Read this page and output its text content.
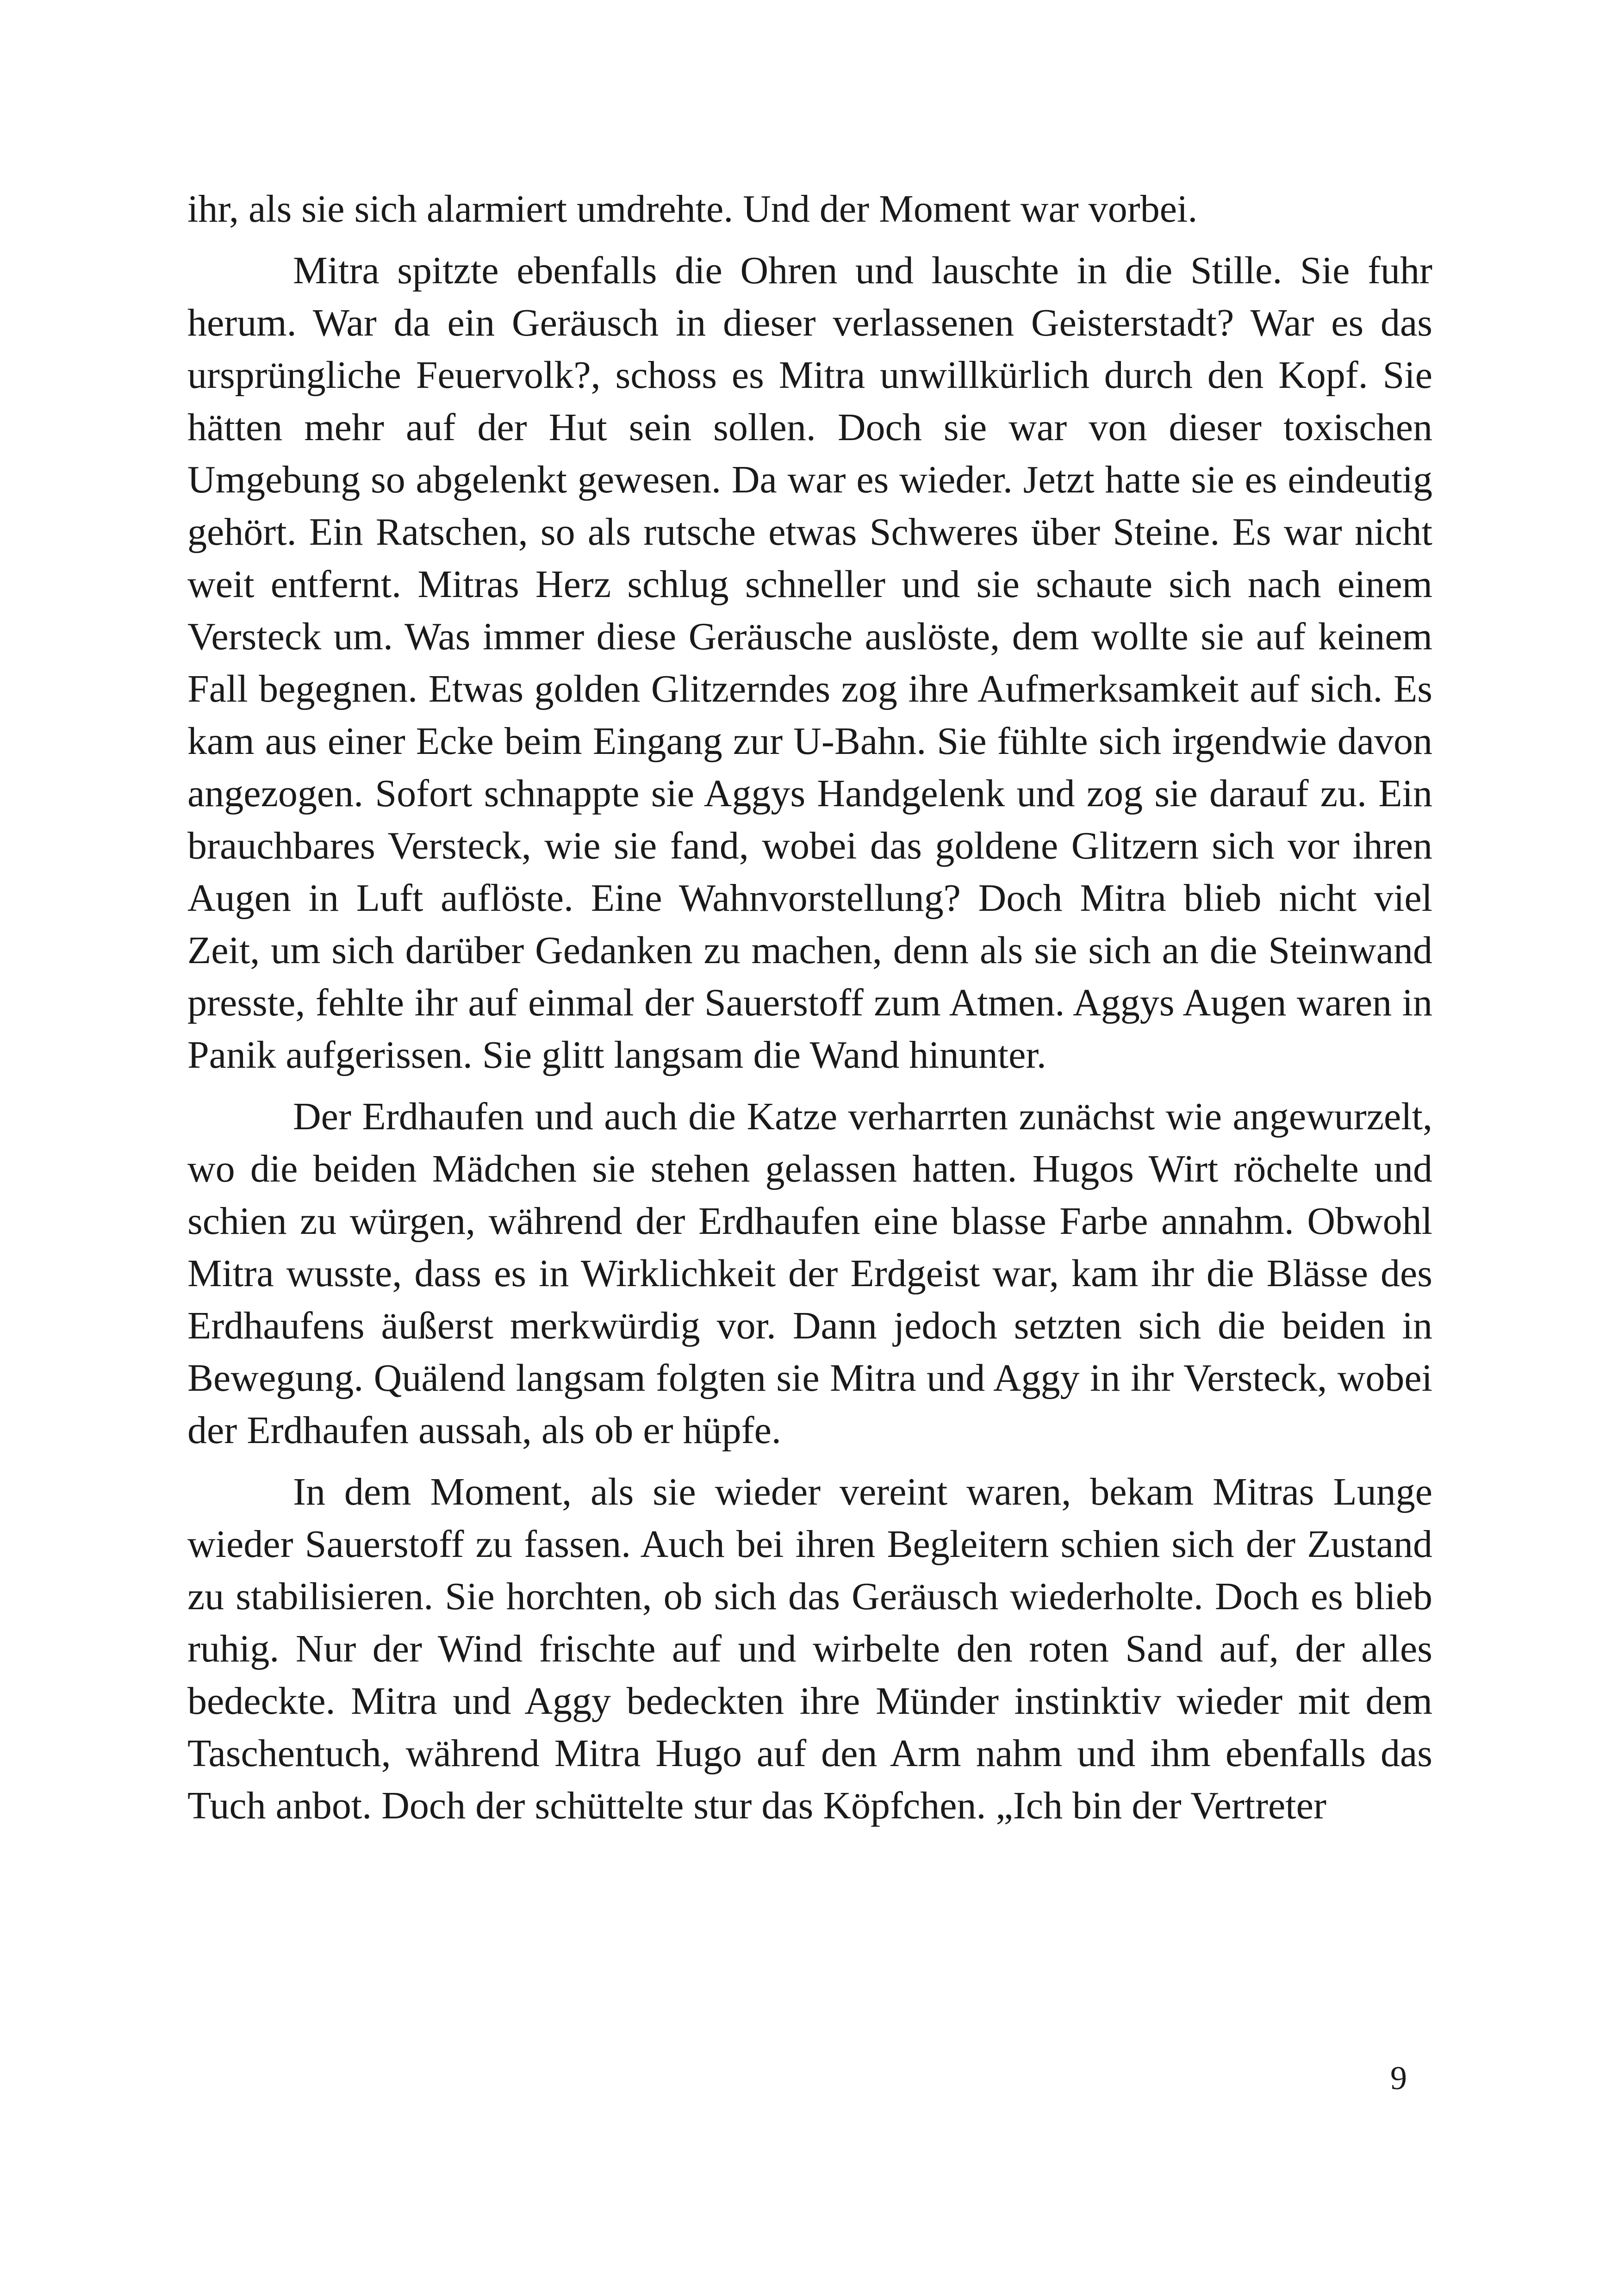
ihr, als sie sich alarmiert umdrehte. Und der Moment war vorbei.

Mitra spitzte ebenfalls die Ohren und lauschte in die Stille. Sie fuhr herum. War da ein Geräusch in dieser verlassenen Geisterstadt? War es das ursprüngliche Feuervolk?, schoss es Mitra unwillkürlich durch den Kopf. Sie hätten mehr auf der Hut sein sollen. Doch sie war von dieser toxischen Umgebung so abgelenkt gewesen. Da war es wieder. Jetzt hatte sie es eindeutig gehört. Ein Ratschen, so als rutsche etwas Schweres über Steine. Es war nicht weit entfernt. Mitras Herz schlug schneller und sie schaute sich nach einem Versteck um. Was immer diese Geräusche auslöste, dem wollte sie auf keinem Fall begegnen. Etwas golden Glitzerndes zog ihre Aufmerksamkeit auf sich. Es kam aus einer Ecke beim Eingang zur U-Bahn. Sie fühlte sich irgendwie davon angezogen. Sofort schnappte sie Aggys Handgelenk und zog sie darauf zu. Ein brauchbares Versteck, wie sie fand, wobei das goldene Glitzern sich vor ihren Augen in Luft auflöste. Eine Wahnvorstellung? Doch Mitra blieb nicht viel Zeit, um sich darüber Gedanken zu machen, denn als sie sich an die Steinwand presste, fehlte ihr auf einmal der Sauerstoff zum Atmen. Aggys Augen waren in Panik aufgerissen. Sie glitt langsam die Wand hinunter.

Der Erdhaufen und auch die Katze verharrten zunächst wie angewurzelt, wo die beiden Mädchen sie stehen gelassen hatten. Hugos Wirt röchelte und schien zu würgen, während der Erdhaufen eine blasse Farbe annahm. Obwohl Mitra wusste, dass es in Wirklichkeit der Erdgeist war, kam ihr die Blässe des Erdhaufens äußerst merkwürdig vor. Dann jedoch setzten sich die beiden in Bewegung. Quälend langsam folgten sie Mitra und Aggy in ihr Versteck, wobei der Erdhaufen aussah, als ob er hüpfe.

In dem Moment, als sie wieder vereint waren, bekam Mitras Lunge wieder Sauerstoff zu fassen. Auch bei ihren Begleitern schien sich der Zustand zu stabilisieren. Sie horchten, ob sich das Geräusch wiederholte. Doch es blieb ruhig. Nur der Wind frischte auf und wirbelte den roten Sand auf, der alles bedeckte. Mitra und Aggy bedeckten ihre Münder instinktiv wieder mit dem Taschentuch, während Mitra Hugo auf den Arm nahm und ihm ebenfalls das Tuch anbot. Doch der schüttelte stur das Köpfchen. „Ich bin der Vertreter

9
